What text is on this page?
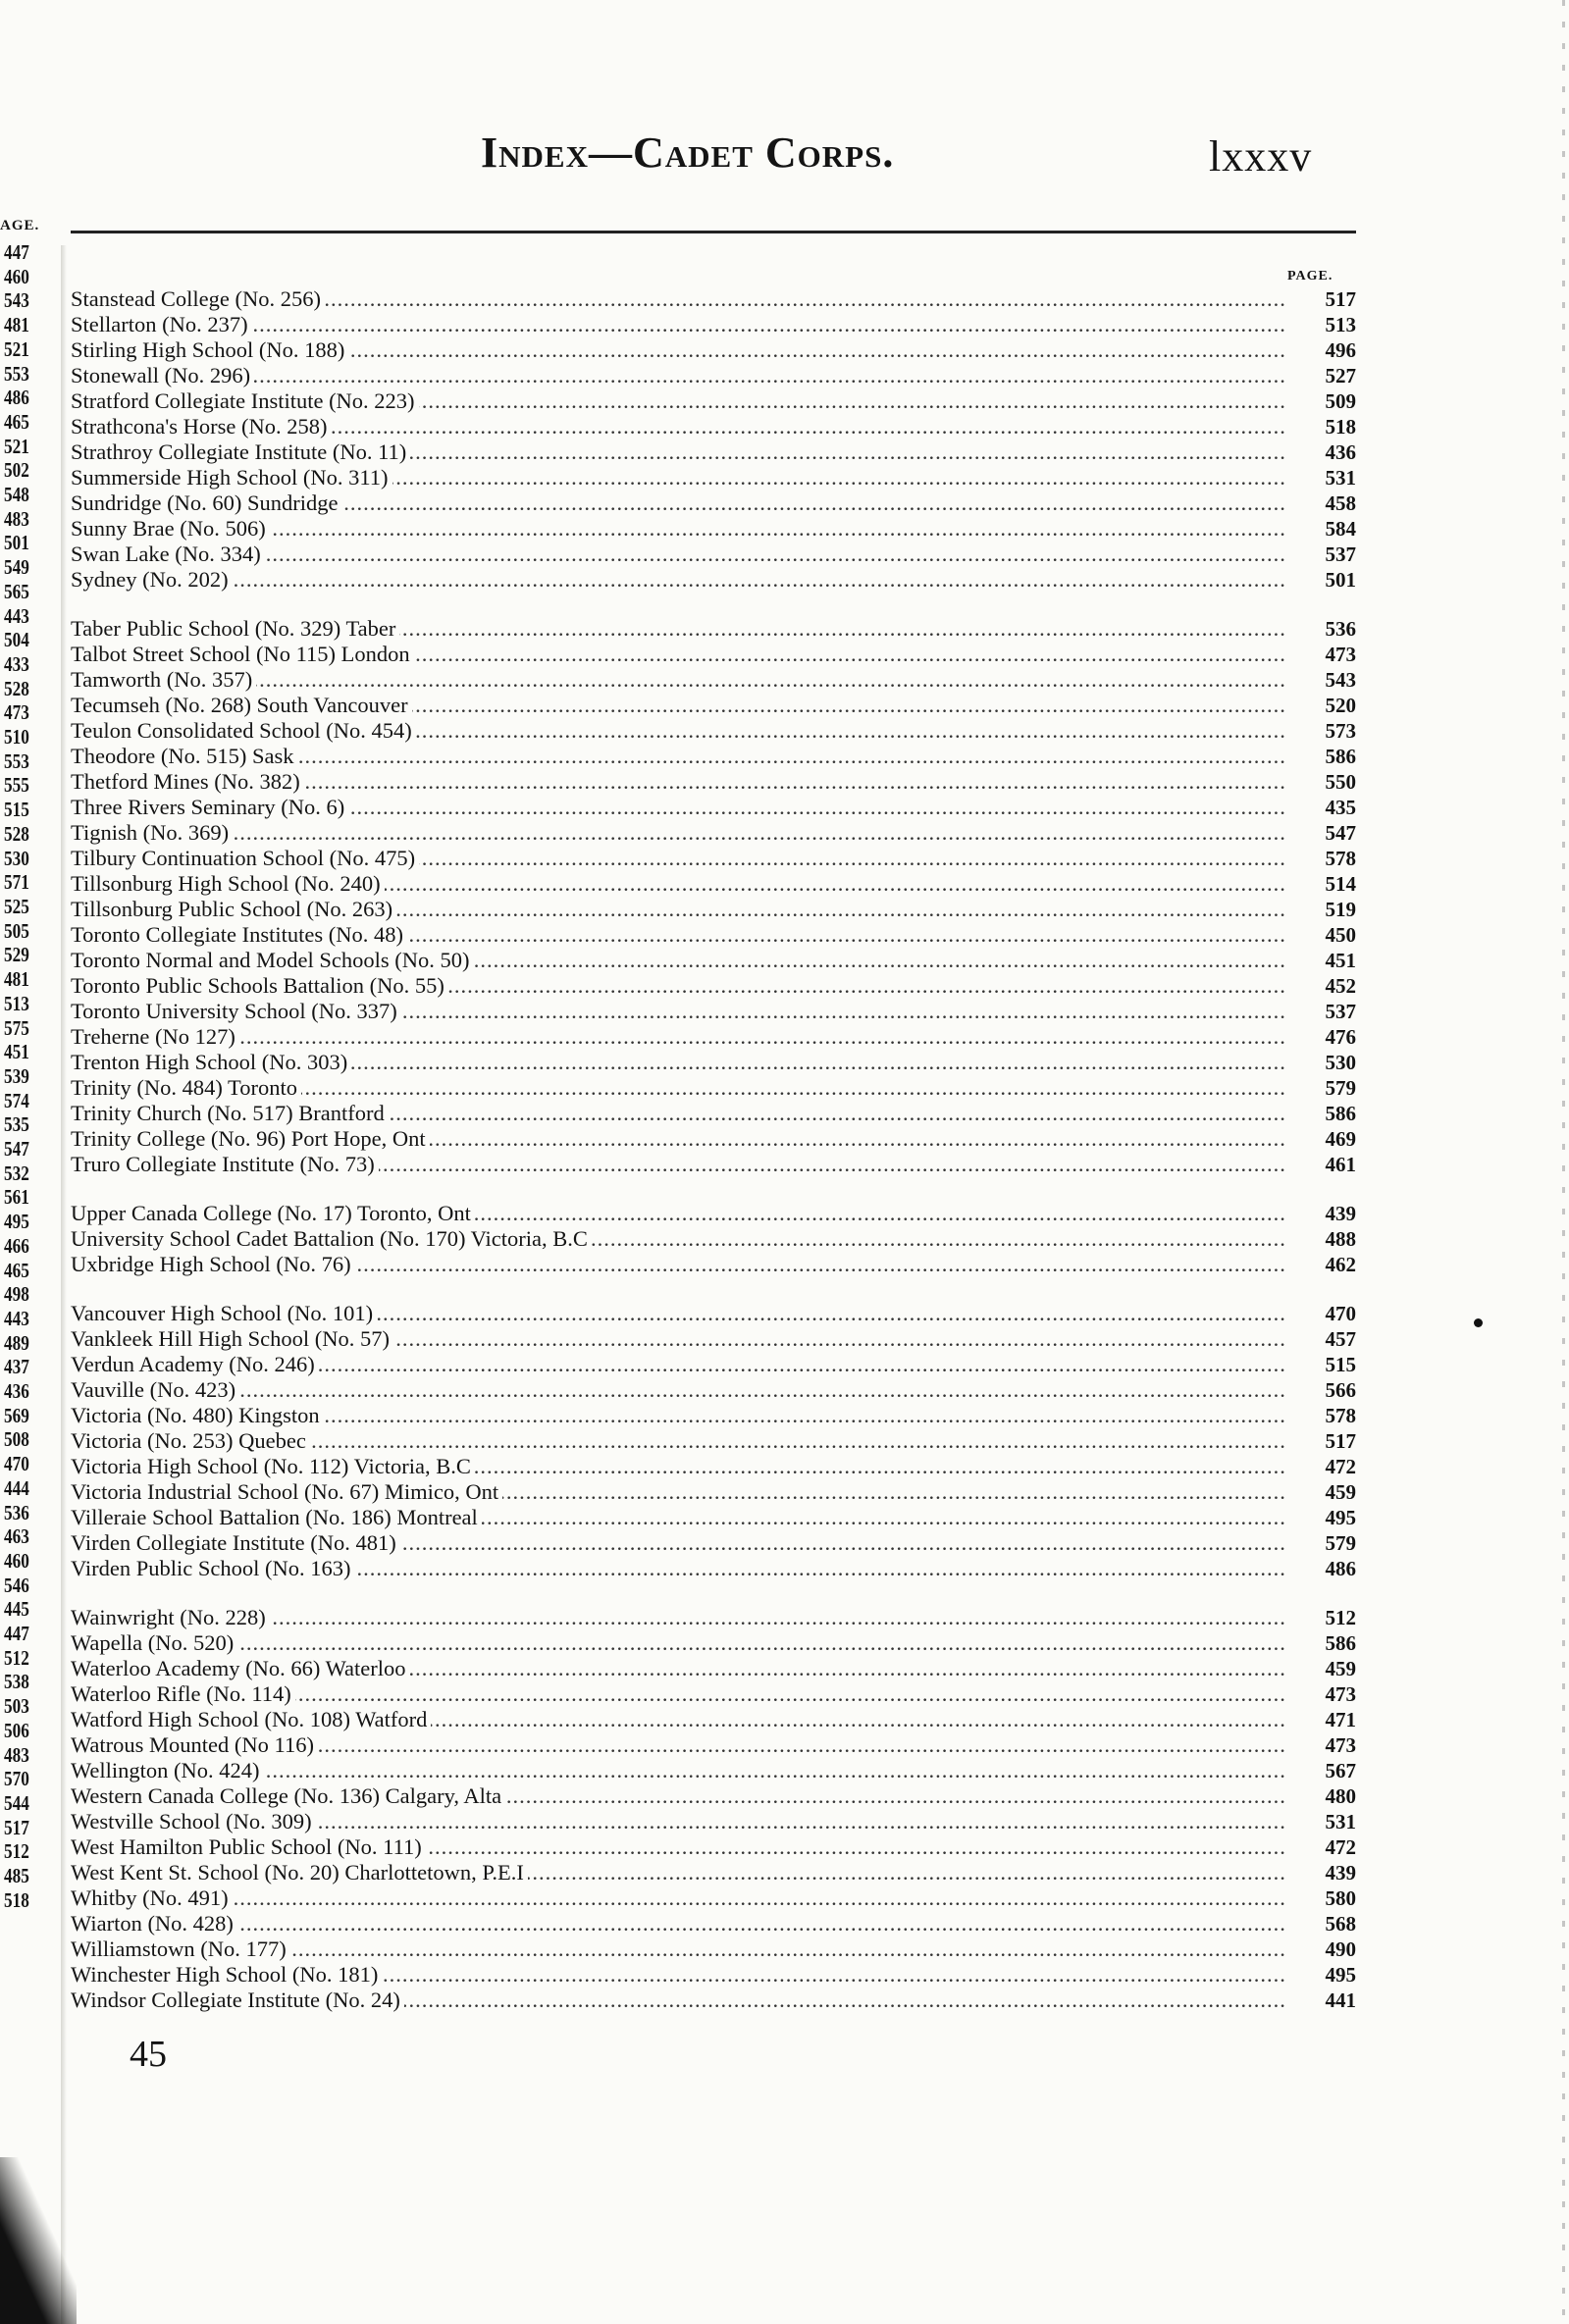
Index—Cadet Corps.	lxxxv
AGE.
447
460
543
481
521
553
486
465
521
502
548
483
501
549
565
443
504
433
528
473
510
553
555
515
528
530
571
525
505
529
481
513
575
451
539
574
535
547
532
561
495
466
465
498
443
489
437
436
569
508
470
444
536
463
460
546
445
447
512
538
503
506
483
570
544
517
512
485
518
PAGE.
.....
Stanstead College (No. 256)	517
.....
Stellarton (No. 237)	513
.....
Stirling High School (No. 188)	496
.....
Stonewall (No. 296)	527
.....
Stratford Collegiate Institute (No. 223)	509
.....
Strathcona's Horse (No. 258)	518
.....
Strathroy Collegiate Institute (No. 11)	436
.....
Summerside High School (No. 311)	531
.....
Sundridge (No. 60) Sundridge	458
.....
Sunny Brae (No. 506)	584
.....
Swan Lake (No. 334)	537
.....
Sydney (No. 202)	501
.....
Taber Public School (No. 329) Taber	536
.....
Talbot Street School (No 115) London	473
.....
Tamworth (No. 357)	543
.....
Tecumseh (No. 268) South Vancouver	520
.....
Teulon Consolidated School (No. 454)	573
.....
Theodore (No. 515) Sask	586
.....
Thetford Mines (No. 382)	550
.....
Three Rivers Seminary (No. 6)	435
.....
Tignish (No. 369)	547
.....
Tilbury Continuation School (No. 475)	578
.....
Tillsonburg High School (No. 240)	514
.....
Tillsonburg Public School (No. 263)	519
.....
Toronto Collegiate Institutes (No. 48)	450
.....
Toronto Normal and Model Schools (No. 50)	451
.....
Toronto Public Schools Battalion (No. 55)	452
.....
Toronto University School (No. 337)	537
.....
Treherne (No 127)	476
.....
Trenton High School (No. 303)	530
.....
Trinity (No. 484) Toronto	579
.....
Trinity Church (No. 517) Brantford	586
.....
Trinity College (No. 96) Port Hope, Ont	469
.....
Truro Collegiate Institute (No. 73)	461
.....
Upper Canada College (No. 17) Toronto, Ont	439
.....
University School Cadet Battalion (No. 170) Victoria, B.C	488
.....
Uxbridge High School (No. 76)	462
.....
Vancouver High School (No. 101)	470
.....
Vankleek Hill High School (No. 57)	457
.....
Verdun Academy (No. 246)	515
.....
Vauville (No. 423)	566
.....
Victoria (No. 480) Kingston	578
.....
Victoria (No. 253) Quebec	517
.....
Victoria High School (No. 112) Victoria, B.C	472
.....
Victoria Industrial School (No. 67) Mimico, Ont	459
.....
Villeraie School Battalion (No. 186) Montreal	495
.....
Virden Collegiate Institute (No. 481)	579
.....
Virden Public School (No. 163)	486
.....
Wainwright (No. 228)	512
.....
Wapella (No. 520)	586
.....
Waterloo Academy (No. 66) Waterloo	459
.....
Waterloo Rifle (No. 114)	473
.....
Watford High School (No. 108) Watford	471
.....
Watrous Mounted (No 116)	473
.....
Wellington (No. 424)	567
.....
Western Canada College (No. 136) Calgary, Alta	480
.....
Westville School (No. 309)	531
.....
West Hamilton Public School (No. 111)	472
.....
West Kent St. School (No. 20) Charlottetown, P.E.I	439
.....
Whitby (No. 491)	580
.....
Wiarton (No. 428)	568
.....
Williamstown (No. 177)	490
.....
Winchester High School (No. 181)	495
.....
Windsor Collegiate Institute (No. 24)	441
45
